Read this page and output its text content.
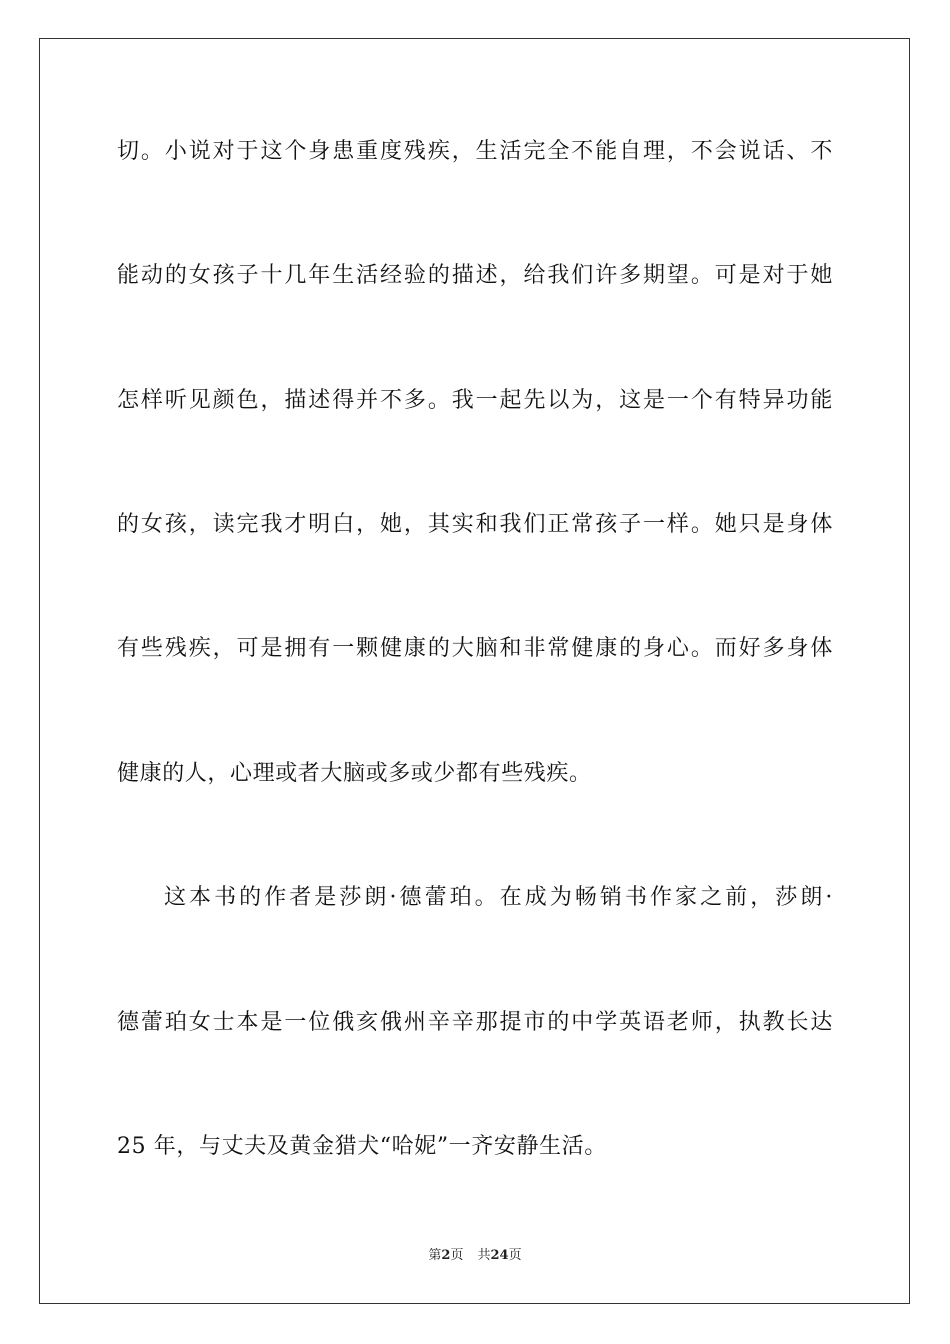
切。小说对于这个身患重度残疾，生活完全不能自理，不会说话、不
能动的女孩子十几年生活经验的描述，给我们许多期望。可是对于她
怎样听见颜色，描述得并不多。我一起先以为，这是一个有特异功能
的女孩，读完我才明白，她，其实和我们正常孩子一样。她只是身体
有些残疾，可是拥有一颗健康的大脑和非常健康的身心。而好多身体
健康的人，心理或者大脑或多或少都有些残疾。
这本书的作者是莎朗·德蕾珀。在成为畅销书作家之前，莎朗·
德蕾珀女士本是一位俄亥俄州辛辛那提市的中学英语老师，执教长达
25 年，与丈夫及黄金猎犬“哈妮”一齐安静生活。
第2页 共24页
